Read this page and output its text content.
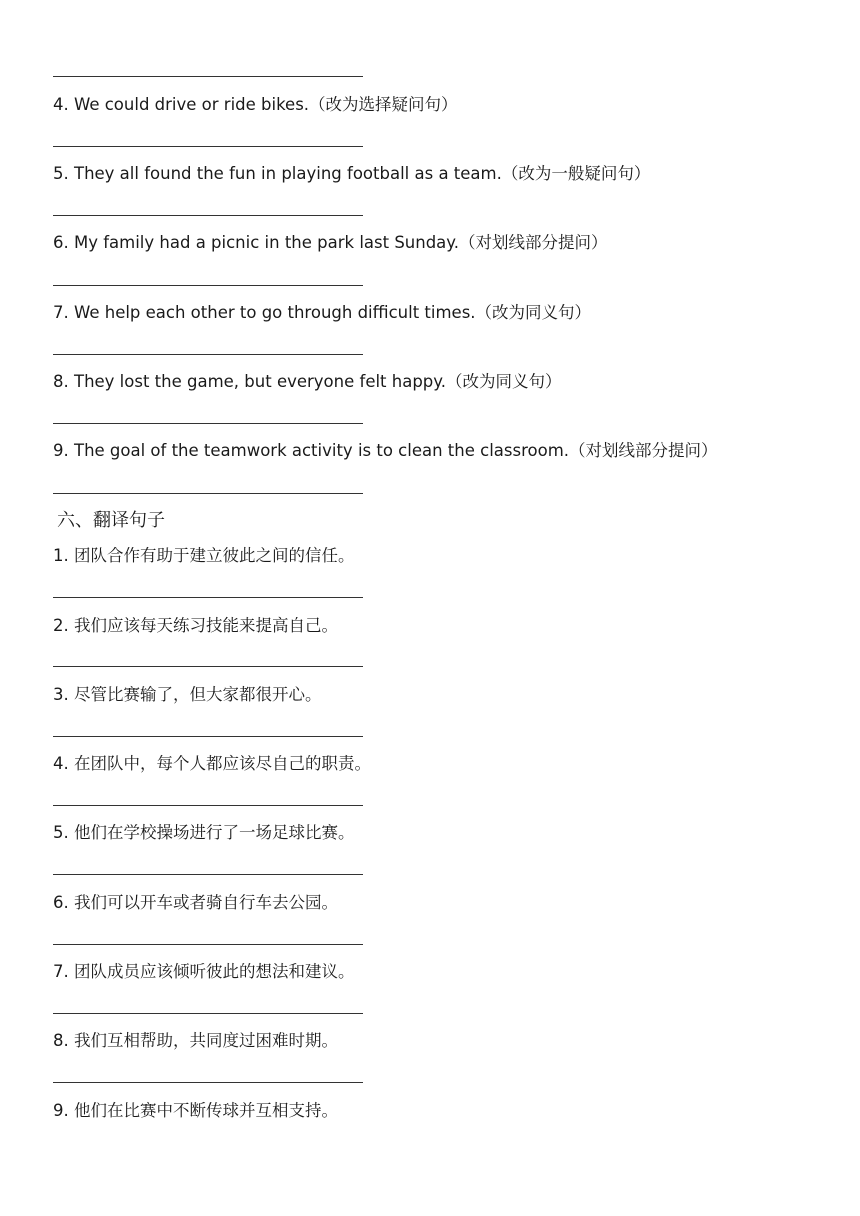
4. We could drive or ride bikes.（改为选择疑问句）
5. They all found the fun in playing football as a team.（改为一般疑问句）
6. My family had a picnic in the park last Sunday.（对划线部分提问）
7. We help each other to go through difficult times.（改为同义句）
8. They lost the game, but everyone felt happy.（改为同义句）
9. The goal of the teamwork activity is to clean the classroom.（对划线部分提问）
六、翻译句子
1. 团队合作有助于建立彼此之间的信任。
2. 我们应该每天练习技能来提高自己。
3. 尽管比赛输了，但大家都很开心。
4. 在团队中，每个人都应该尽自己的职责。
5. 他们在学校操场进行了一场足球比赛。
6. 我们可以开车或者骑自行车去公园。
7. 团队成员应该倾听彼此的想法和建议。
8. 我们互相帮助，共同度过困难时期。
9. 他们在比赛中不断传球并互相支持。
